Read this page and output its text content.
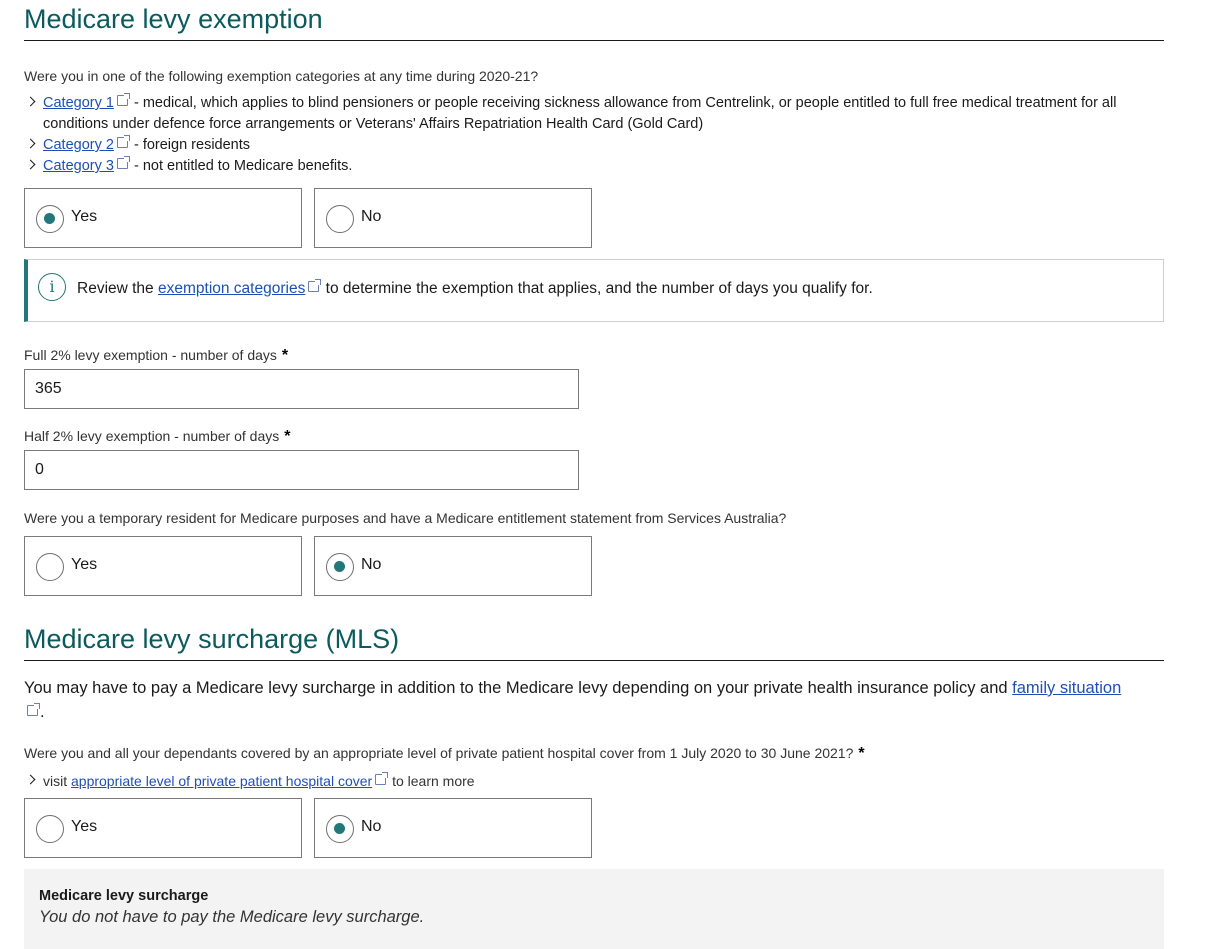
Medicare levy exemption
Were you in one of the following exemption categories at any time during 2020-21?
Category 1 - medical, which applies to blind pensioners or people receiving sickness allowance from Centrelink, or people entitled to full free medical treatment for all conditions under defence force arrangements or Veterans' Affairs Repatriation Health Card (Gold Card)
Category 2 - foreign residents
Category 3 - not entitled to Medicare benefits.
Yes	No
i	Review the exemption categories to determine the exemption that applies, and the number of days you qualify for.
Full 2% levy exemption - number of days *
365
Half 2% levy exemption - number of days *
0
Were you a temporary resident for Medicare purposes and have a Medicare entitlement statement from Services Australia?
Yes	No
Medicare levy surcharge (MLS)
You may have to pay a Medicare levy surcharge in addition to the Medicare levy depending on your private health insurance policy and family situation.
Were you and all your dependants covered by an appropriate level of private patient hospital cover from 1 July 2020 to 30 June 2021? *
visit appropriate level of private patient hospital cover to learn more
Yes	No
Medicare levy surcharge
You do not have to pay the Medicare levy surcharge.
